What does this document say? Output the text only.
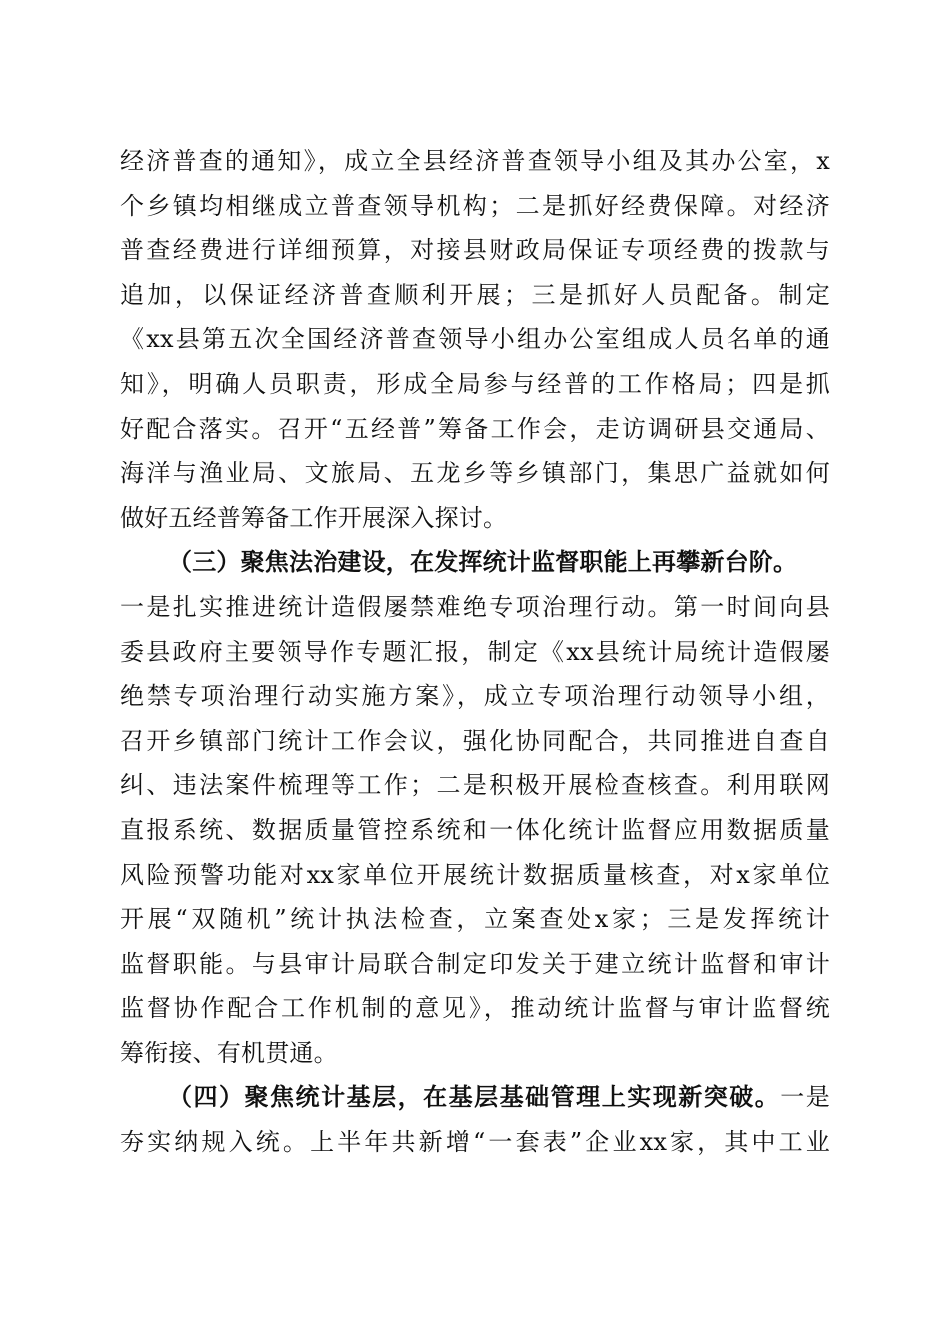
经济普查的通知》，成立全县经济普查领导小组及其办公室，x
个乡镇均相继成立普查领导机构；二是抓好经费保障。对经济
普查经费进行详细预算，对接县财政局保证专项经费的拨款与
追加，以保证经济普查顺利开展；三是抓好人员配备。制定
《xx县第五次全国经济普查领导小组办公室组成人员名单的通
知》，明确人员职责，形成全局参与经普的工作格局；四是抓
好配合落实。召开“五经普”筹备工作会，走访调研县交通局、
海洋与渔业局、文旅局、五龙乡等乡镇部门，集思广益就如何
做好五经普筹备工作开展深入探讨。
（三）聚焦法治建设，在发挥统计监督职能上再攀新台阶。
一是扎实推进统计造假屡禁难绝专项治理行动。第一时间向县
委县政府主要领导作专题汇报，制定《xx县统计局统计造假屡
绝禁专项治理行动实施方案》，成立专项治理行动领导小组，
召开乡镇部门统计工作会议，强化协同配合，共同推进自查自
纠、违法案件梳理等工作；二是积极开展检查核查。利用联网
直报系统、数据质量管控系统和一体化统计监督应用数据质量
风险预警功能对xx家单位开展统计数据质量核查，对x家单位
开展“双随机”统计执法检查，立案查处x家；三是发挥统计
监督职能。与县审计局联合制定印发关于建立统计监督和审计
监督协作配合工作机制的意见》，推动统计监督与审计监督统
筹衔接、有机贯通。
（四）聚焦统计基层，在基层基础管理上实现新突破。一是
夯实纳规入统。上半年共新增“一套表”企业xx家，其中工业
